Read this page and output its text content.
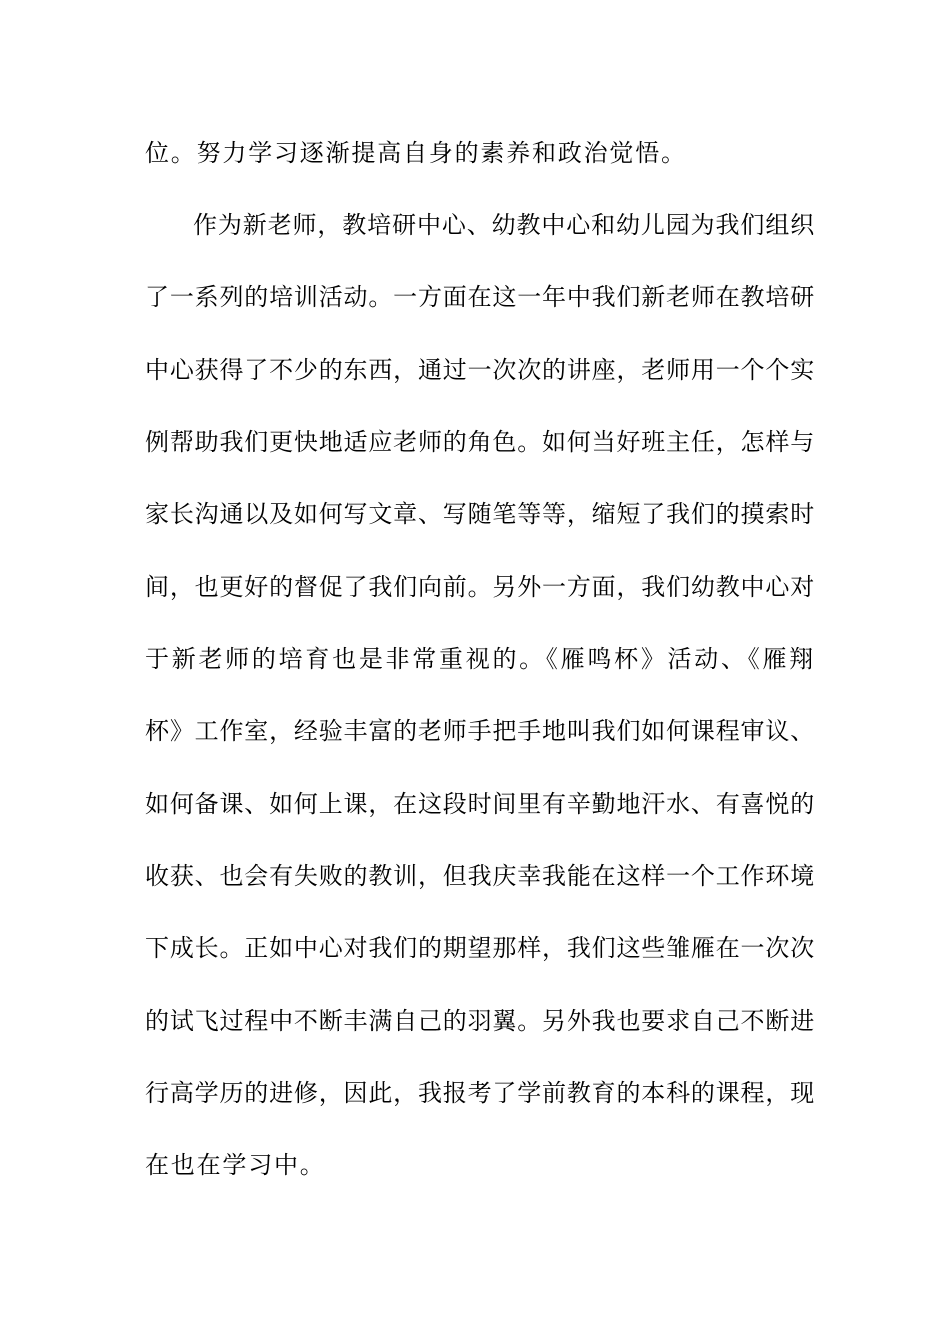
位。努力学习逐渐提高自身的素养和政治觉悟。
作为新老师，教培研中心、幼教中心和幼儿园为我们组织
了一系列的培训活动。一方面在这一年中我们新老师在教培研
中心获得了不少的东西，通过一次次的讲座，老师用一个个实
例帮助我们更快地适应老师的角色。如何当好班主任，怎样与
家长沟通以及如何写文章、写随笔等等，缩短了我们的摸索时
间，也更好的督促了我们向前。另外一方面，我们幼教中心对
于新老师的培育也是非常重视的。《雁鸣杯》活动、《雁翔
杯》工作室，经验丰富的老师手把手地叫我们如何课程审议、
如何备课、如何上课，在这段时间里有辛勤地汗水、有喜悦的
收获、也会有失败的教训，但我庆幸我能在这样一个工作环境
下成长。正如中心对我们的期望那样，我们这些雏雁在一次次
的试飞过程中不断丰满自己的羽翼。另外我也要求自己不断进
行高学历的进修，因此，我报考了学前教育的本科的课程，现
在也在学习中。
